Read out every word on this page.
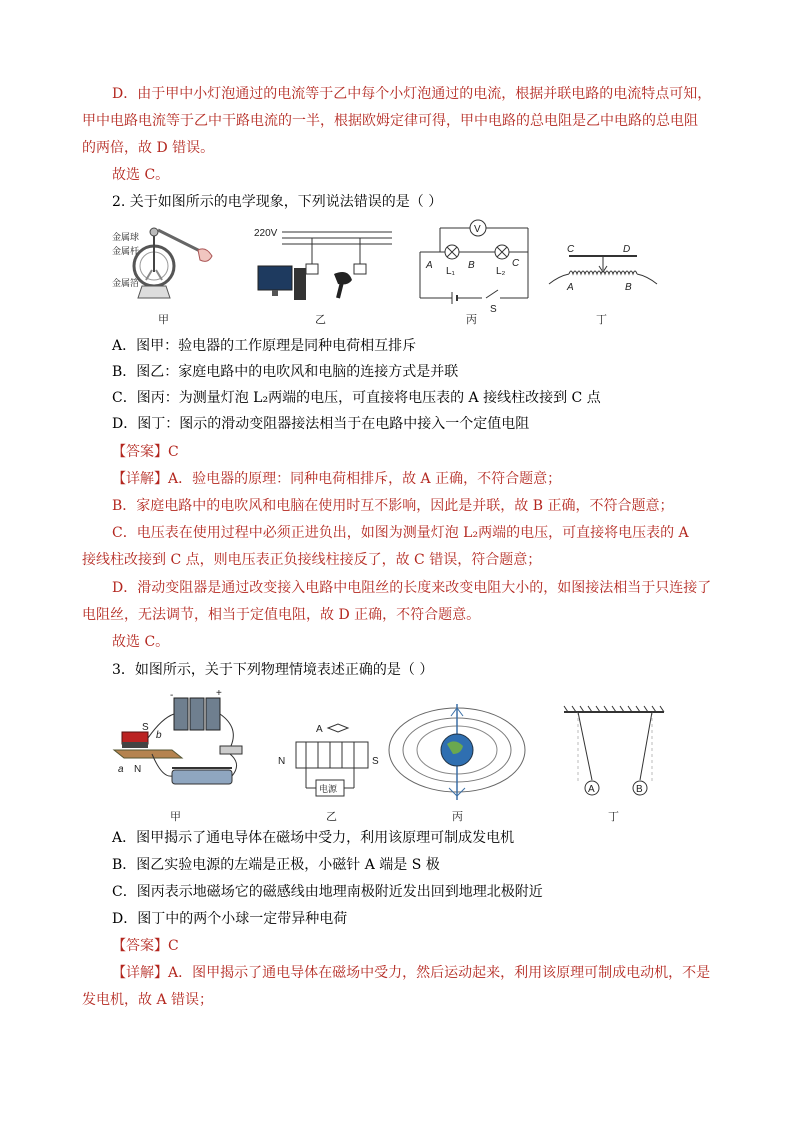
D．由于甲中小灯泡通过的电流等于乙中每个小灯泡通过的电流，根据并联电路的电流特点可知，
甲中电路电流等于乙中干路电流的一半，根据欧姆定律可得，甲中电路的总电阻是乙中电路的总电阻
的两倍，故 D 错误。
故选 C。
2. 关于如图所示的电学现象，下列说法错误的是（ ）
金属球
金属杆
金属箔
甲
220V
乙
V
A
L₁
B
L₂
C
S
丙
C	D
A	B
丁
A．图甲：验电器的工作原理是同种电荷相互排斥
B．图乙：家庭电路中的电吹风和电脑的连接方式是并联
C．图丙：为测量灯泡 L₂两端的电压，可直接将电压表的 A 接线柱改接到 C 点
D．图丁：图示的滑动变阻器接法相当于在电路中接入一个定值电阻
【答案】C
【详解】A．验电器的原理：同种电荷相排斥，故 A 正确，不符合题意；
B．家庭电路中的电吹风和电脑在使用时互不影响，因此是并联，故 B 正确，不符合题意；
C．电压表在使用过程中必须正进负出，如图为测量灯泡 L₂两端的电压，可直接将电压表的 A
接线柱改接到 C 点，则电压表正负接线柱接反了，故 C 错误，符合题意；
D．滑动变阻器是通过改变接入电路中电阻丝的长度来改变电阻大小的，如图接法相当于只连接了
电阻丝，无法调节，相当于定值电阻，故 D 正确，不符合题意。
故选 C。
3．如图所示，关于下列物理情境表述正确的是（ ）
-	+
S
N
a
b
甲
A
N	S
电源
乙	丙
A	B
丁
A．图甲揭示了通电导体在磁场中受力，利用该原理可制成发电机
B．图乙实验电源的左端是正极，小磁针 A 端是 S 极
C．图丙表示地磁场它的磁感线由地理南极附近发出回到地理北极附近
D．图丁中的两个小球一定带异种电荷
【答案】C
【详解】A．图甲揭示了通电导体在磁场中受力，然后运动起来，利用该原理可制成电动机，不是
发电机，故 A 错误；
